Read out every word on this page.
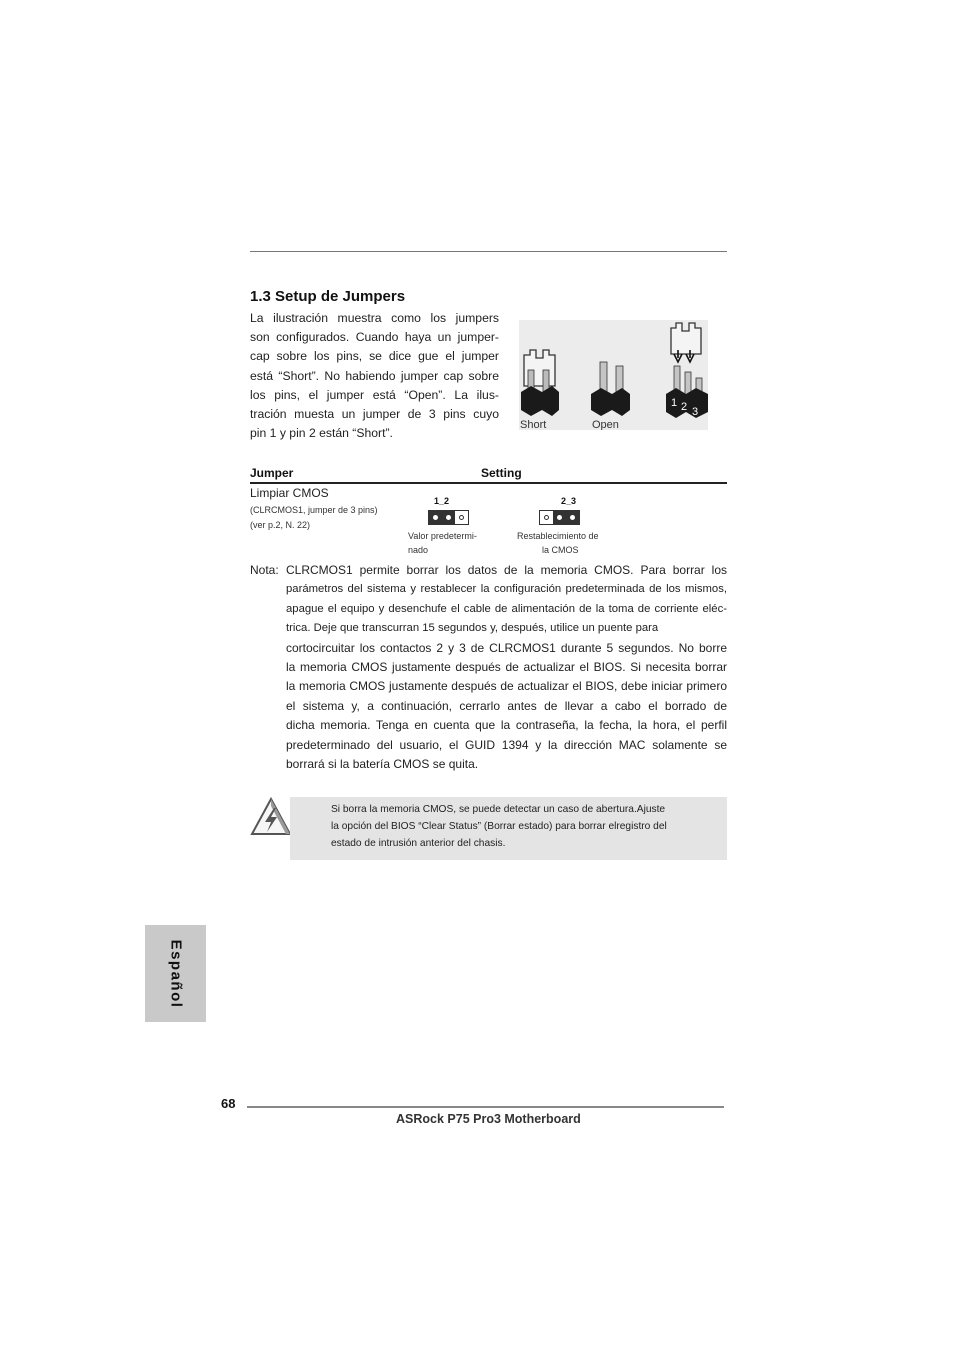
1.3 Setup de Jumpers
La ilustración muestra como los jumpers
son configurados. Cuando haya un jumper-
cap sobre los pins, se dice gue el jumper
está “Short”. No habiendo jumper cap sobre
los pins, el jumper está “Open”. La ilus-
tración muesta un jumper de 3 pins cuyo
pin 1 y pin 2 están “Short”.
1 2 3
Short	Open
Jumper	Setting
Limpiar CMOS
(CLRCMOS1, jumper de 3 pins)
(ver p.2, N. 22)
1_2
Valor predetermi-
nado
2_3
Restablecimiento de
la CMOS
Nota: CLRCMOS1 permite borrar los datos de la memoria CMOS. Para borrar los

parámetros del sistema y restablecer la configuración predeterminada de los mismos,

apague el equipo y desenchufe el cable de alimentación de la toma de corriente eléc-

trica. Deje que transcurran 15 segundos y, después, utilice un puente para

cortocircuitar los contactos 2 y 3 de CLRCMOS1 durante 5 segundos. No borre

la memoria CMOS justamente después de actualizar el BIOS. Si necesita borrar

la memoria CMOS justamente después de actualizar el BIOS, debe iniciar primero

el sistema y, a continuación, cerrarlo antes de llevar a cabo el borrado de

dicha memoria. Tenga en cuenta que la contraseña, la fecha, la hora, el perfil

predeterminado del usuario, el GUID 1394 y la dirección MAC solamente se

borrará si la batería CMOS se quita.

Si borra la memoria CMOS, se puede detectar un caso de abertura.Ajuste

la opción del BIOS “Clear Status” (Borrar estado) para borrar elregistro del

estado de intrusión anterior del chasis.

Español
68
ASRock P75 Pro3 Motherboard
